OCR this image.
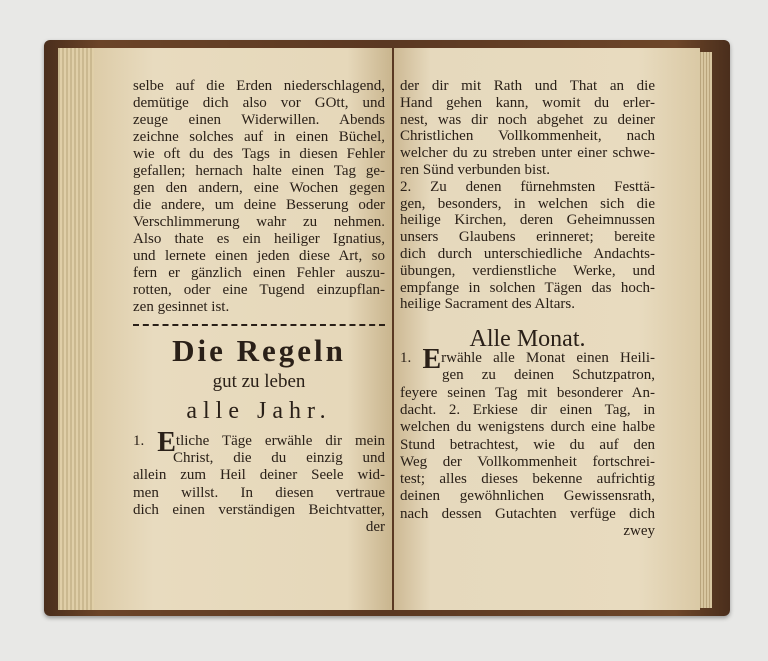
selbe auf die Erden niederschlagend,
demütige dich also vor GOtt, und
zeuge einen Widerwillen. Abends
zeichne solches auf in einen Büchel,
wie oft du des Tags in diesen Fehler
gefallen; hernach halte einen Tag ge-
gen den andern, eine Wochen gegen
die andere, um deine Besserung oder
Verschlimmerung wahr zu nehmen.
Also thate es ein heiliger Ignatius,
und lernete einen jeden diese Art, so
fern er gänzlich einen Fehler auszu-
rotten, oder eine Tugend einzupflan-
zen gesinnet ist.
1. Etliche Täge erwähle dir mein
Christ, die du einzig und
allein zum Heil deiner Seele wid-
men willst. In diesen vertraue
dich einen verständigen Beichtvatter,
der
der dir mit Rath und That an die
Hand gehen kann, womit du erler-
nest, was dir noch abgehet zu deiner
Christlichen Vollkommenheit, nach
welcher du zu streben unter einer schwe-
ren Sünd verbunden bist.
2. Zu denen fürnehmsten Festtä-
gen, besonders, in welchen sich die
heilige Kirchen, deren Geheimnussen
unsers Glaubens erinneret; bereite
dich durch unterschiedliche Andachts-
übungen, verdienstliche Werke, und
empfange in solchen Tägen das hoch-
heilige Sacrament des Altars.
1. Erwähle alle Monat einen Heili-
gen zu deinen Schutzpatron,
feyere seinen Tag mit besonderer An-
dacht. 2. Erkiese dir einen Tag, in
welchen du wenigstens durch eine halbe
Stund betrachtest, wie du auf den
Weg der Vollkommenheit fortschrei-
test; alles dieses bekenne aufrichtig
deinen gewöhnlichen Gewissensrath,
nach dessen Gutachten verfüge dich
zwey
Die Regeln
gut zu leben
alle Jahr.
Alle Monat.
